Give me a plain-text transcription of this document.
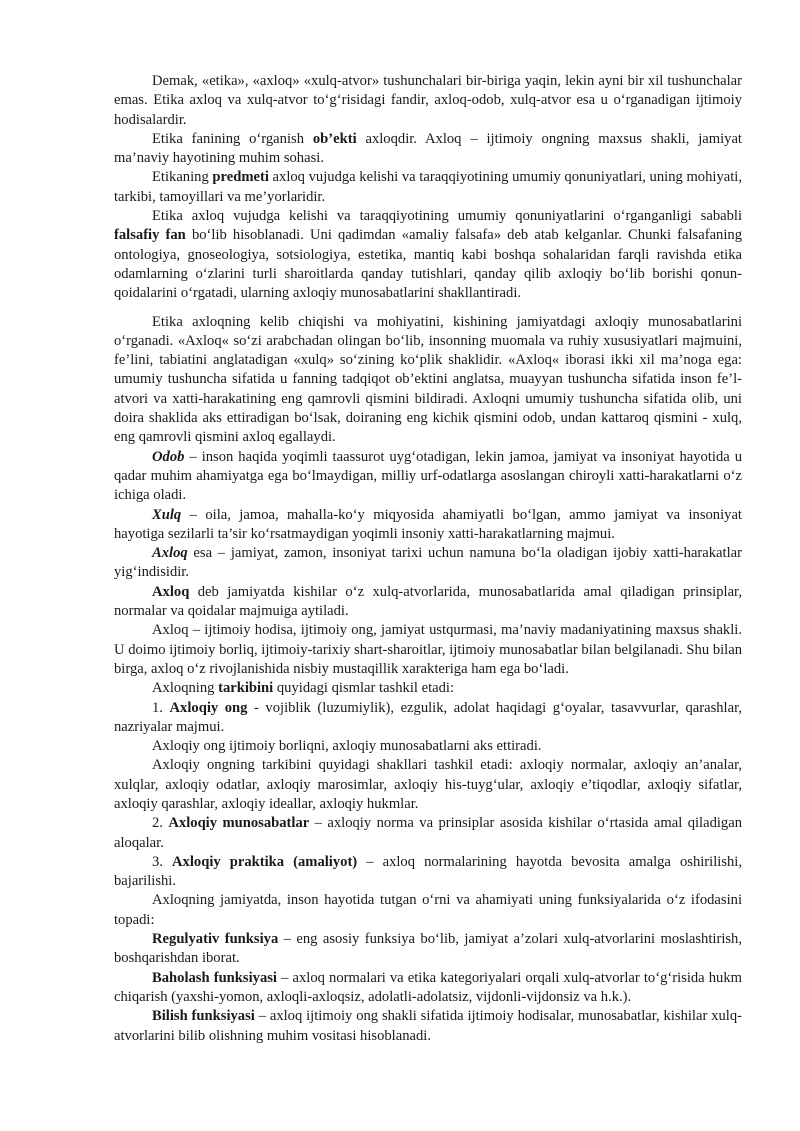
Demak, «etika», «axloq» «xulq-atvor» tushunchalari bir-biriga yaqin, lekin ayni bir xil tushunchalar emas. Etika axloq va xulq-atvor to‘g‘risidagi fandir, axloq-odob, xulq-atvor esa u o‘rganadigan ijtimoiy hodisalardir.

Etika fanining o‘rganish ob’ekti axloqdir. Axloq – ijtimoiy ongning maxsus shakli, jamiyat ma’naviy hayotining muhim sohasi.

Etikaning predmeti axloq vujudga kelishi va taraqqiyotining umumiy qonuniyatlari, uning mohiyati, tarkibi, tamoyillari va me’yorlaridir.

Etika axloq vujudga kelishi va taraqqiyotining umumiy qonuniyatlarini o‘rganganligi sababli falsafiy fan bo‘lib hisoblanadi. Uni qadimdan «amaliy falsafa» deb atab kelganlar. Chunki falsafaning ontologiya, gnoseologiya, sotsiologiya, estetika, mantiq kabi boshqa sohalaridan farqli ravishda etika odamlarning o‘zlarini turli sharoitlarda qanday tutishlari, qanday qilib axloqiy bo‘lib borishi qonun-qoidalarini o‘rgatadi, ularning axloqiy munosabatlarini shakllantiradi.

Etika axloqning kelib chiqishi va mohiyatini, kishining jamiyatdagi axloqiy munosabatlarini o‘rganadi. «Axloq« so‘zi arabchadan olingan bo‘lib, insonning muomala va ruhiy xususiyatlari majmuini, fe’lini, tabiatini anglatadigan «xulq» so‘zining ko‘plik shaklidir. «Axloq« iborasi ikki xil ma’noga ega: umumiy tushuncha sifatida u fanning tadqiqot ob’ektini anglatsa, muayyan tushuncha sifatida inson fe’l-atvori va xatti-harakatining eng qamrovli qismini bildiradi. Axloqni umumiy tushuncha sifatida olib, uni doira shaklida aks ettiradigan bo‘lsak, doiraning eng kichik qismini odob, undan kattaroq qismini - xulq, eng qamrovli qismini axloq egallaydi.

Odob – inson haqida yoqimli taassurot uyg‘otadigan, lekin jamoa, jamiyat va insoniyat hayotida u qadar muhim ahamiyatga ega bo‘lmaydigan, milliy urf-odatlarga asoslangan chiroyli xatti-harakatlarni o‘z ichiga oladi.

Xulq – oila, jamoa, mahalla-ko‘y miqyosida ahamiyatli bo‘lgan, ammo jamiyat va insoniyat hayotiga sezilarli ta’sir ko‘rsatmaydigan yoqimli insoniy xatti-harakatlarning majmui.

Axloq esa – jamiyat, zamon, insoniyat tarixi uchun namuna bo‘la oladigan ijobiy xatti-harakatlar yig‘indisidir.

Axloq deb jamiyatda kishilar o‘z xulq-atvorlarida, munosabatlarida amal qiladigan prinsiplar, normalar va qoidalar majmuiga aytiladi.

Axloq – ijtimoiy hodisa, ijtimoiy ong, jamiyat ustqurmasi, ma’naviy madaniyatining maxsus shakli. U doimo ijtimoiy borliq, ijtimoiy-tarixiy shart-sharoitlar, ijtimoiy munosabatlar bilan belgilanadi. Shu bilan birga, axloq o‘z rivojlanishida nisbiy mustaqillik xarakteriga ham ega bo‘ladi.

Axloqning tarkibini quyidagi qismlar tashkil etadi:

1. Axloqiy ong - vojiblik (luzumiylik), ezgulik, adolat haqidagi g‘oyalar, tasavvurlar, qarashlar, nazriyalar majmui.

Axloqiy ong ijtimoiy borliqni, axloqiy munosabatlarni aks ettiradi.

Axloqiy ongning tarkibini quyidagi shakllari tashkil etadi: axloqiy normalar, axloqiy an’analar, xulqlar, axloqiy odatlar, axloqiy marosimlar, axloqiy his-tuyg‘ular, axloqiy e’tiqodlar, axloqiy sifatlar, axloqiy qarashlar, axloqiy ideallar, axloqiy hukmlar.

2. Axloqiy munosabatlar – axloqiy norma va prinsiplar asosida kishilar o‘rtasida amal qiladigan aloqalar.

3. Axloqiy praktika (amaliyot) – axloq normalarining hayotda bevosita amalga oshirilishi, bajarilishi.

Axloqning jamiyatda, inson hayotida tutgan o‘rni va ahamiyati uning funksiyalarida o‘z ifodasini topadi:

Regulyativ funksiya – eng asosiy funksiya bo‘lib, jamiyat a’zolari xulq-atvorlarini moslashtirish, boshqarishdan iborat.

Baholash funksiyasi – axloq normalari va etika kategoriyalari orqali xulq-atvorlar to‘g‘risida hukm chiqarish (yaxshi-yomon, axloqli-axloqsiz, adolatli-adolatsiz, vijdonli-vijdonsiz va h.k.).

Bilish funksiyasi – axloq ijtimoiy ong shakli sifatida ijtimoiy hodisalar, munosabatlar, kishilar xulq-atvorlarini bilib olishning muhim vositasi hisoblanadi.
